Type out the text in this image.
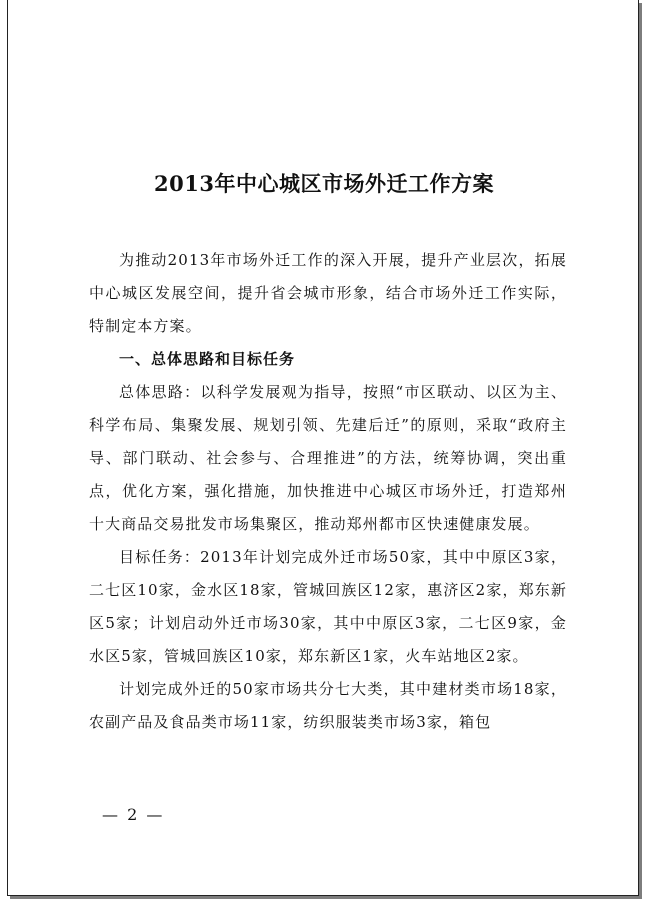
2013年中心城区市场外迁工作方案

为推动2013年市场外迁工作的深入开展，提升产业层次，拓展中心城区发展空间，提升省会城市形象，结合市场外迁工作实际，特制定本方案。

一、总体思路和目标任务

总体思路：以科学发展观为指导，按照“市区联动、以区为主、科学布局、集聚发展、规划引领、先建后迁”的原则，采取“政府主导、部门联动、社会参与、合理推进”的方法，统筹协调，突出重点，优化方案，强化措施，加快推进中心城区市场外迁，打造郑州十大商品交易批发市场集聚区，推动郑州都市区快速健康发展。

目标任务：2013年计划完成外迁市场50家，其中中原区3家，二七区10家，金水区18家，管城回族区12家，惠济区2家，郑东新区5家；计划启动外迁市场30家，其中中原区3家，二七区9家，金水区5家，管城回族区10家，郑东新区1家，火车站地区2家。

计划完成外迁的50家市场共分七大类，其中建材类市场18家，农副产品及食品类市场11家，纺织服装类市场3家，箱包

— 2 —
